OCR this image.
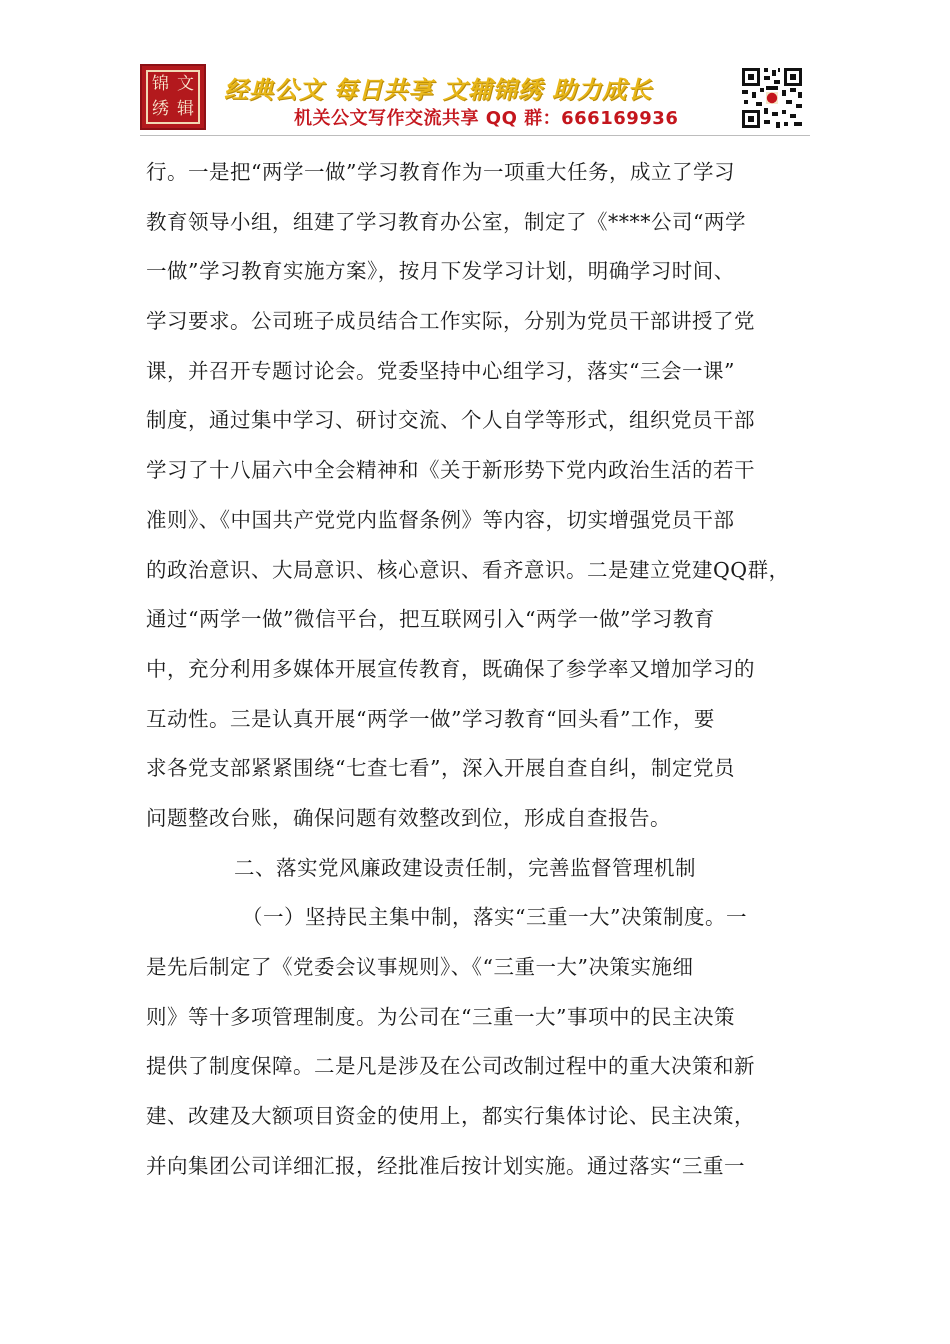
锦 文
绣 辑
经典公文 每日共享 文辅锦绣 助力成长
机关公文写作交流共享 QQ 群：666169936
行。一是把“两学一做”学习教育作为一项重大任务，成立了学习
教育领导小组，组建了学习教育办公室，制定了《****公司“两学
一做”学习教育实施方案》，按月下发学习计划，明确学习时间、
学习要求。公司班子成员结合工作实际，分别为党员干部讲授了党
课，并召开专题讨论会。党委坚持中心组学习，落实“三会一课”
制度，通过集中学习、研讨交流、个人自学等形式，组织党员干部
学习了十八届六中全会精神和《关于新形势下党内政治生活的若干
准则》、《中国共产党党内监督条例》等内容，切实增强党员干部
的政治意识、大局意识、核心意识、看齐意识。二是建立党建QQ群，
通过“两学一做”微信平台，把互联网引入“两学一做”学习教育
中，充分利用多媒体开展宣传教育，既确保了参学率又增加学习的
互动性。三是认真开展“两学一做”学习教育“回头看”工作，要
求各党支部紧紧围绕“七查七看”，深入开展自查自纠，制定党员
问题整改台账，确保问题有效整改到位，形成自查报告。
二、落实党风廉政建设责任制，完善监督管理机制
（一）坚持民主集中制，落实“三重一大”决策制度。一
是先后制定了《党委会议事规则》、《“三重一大”决策实施细
则》等十多项管理制度。为公司在“三重一大”事项中的民主决策
提供了制度保障。二是凡是涉及在公司改制过程中的重大决策和新
建、改建及大额项目资金的使用上，都实行集体讨论、民主决策，
并向集团公司详细汇报，经批准后按计划实施。通过落实“三重一
